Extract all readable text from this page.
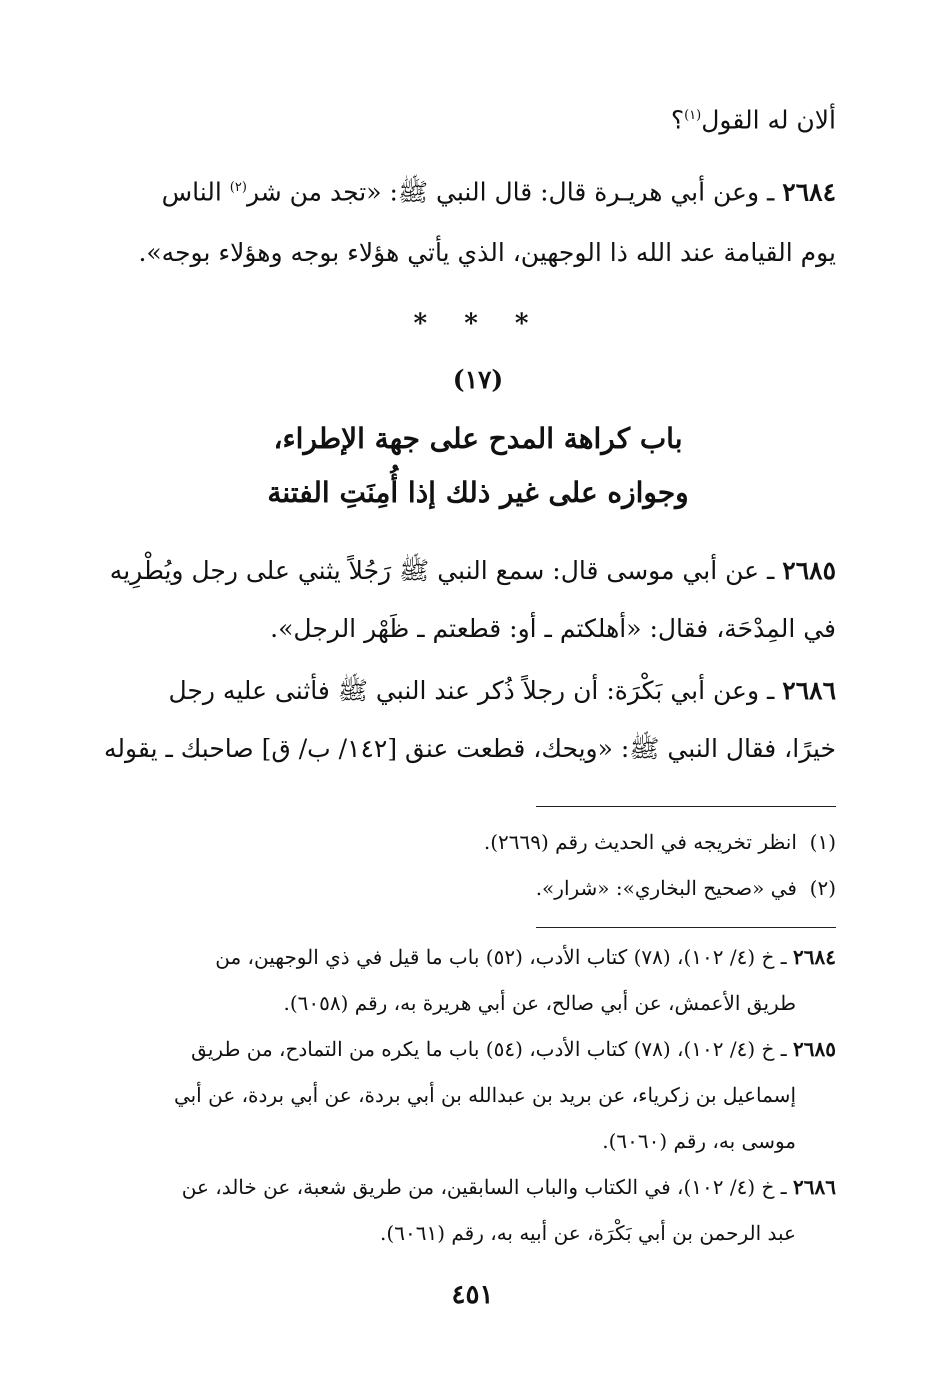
ألان له القول$^{(١)}$؟
٢٦٨٤ ـ وعن أبي هريـرة قال: قال النبي ﷺ: «تجد من شر$^{(٢)}$ الناس
يوم القيامة عند الله ذا الوجهين، الذي يأتي هؤلاء بوجه وهؤلاء بوجه».
* * *
(١٧)
باب كراهة المدح على جهة الإطراء،
وجوازه على غير ذلك إذا أُمِنَتِ الفتنة
٢٦٨٥ ـ عن أبي موسى قال: سمع النبي ﷺ رَجُلاً يثني على رجل ويُطْرِيه
في المِدْحَة، فقال: «أهلكتم ـ أو: قطعتم ـ ظَهْر الرجل».
٢٦٨٦ ـ وعن أبي بَكْرَة: أن رجلاً ذُكر عند النبي ﷺ فأثنى عليه رجل
خيرًا، فقال النبي ﷺ: «ويحك، قطعت عنق [١٤٢/ ب/ ق] صاحبك ـ يقوله
(١)  انظر تخريجه في الحديث رقم (٢٦٦٩).
(٢)  في «صحيح البخاري»: «شرار».
٢٦٨٤ ـ خ (٤/ ١٠٢)، (٧٨) كتاب الأدب، (٥٢) باب ما قيل في ذي الوجهين، من
طريق الأعمش، عن أبي صالح، عن أبي هريرة به، رقم (٦٠٥٨).
٢٦٨٥ ـ خ (٤/ ١٠٢)، (٧٨) كتاب الأدب، (٥٤) باب ما يكره من التمادح، من طريق
إسماعيل بن زكرياء، عن بريد بن عبدالله بن أبي بردة، عن أبي بردة، عن أبي
موسى به، رقم (٦٠٦٠).
٢٦٨٦ ـ خ (٤/ ١٠٢)، في الكتاب والباب السابقين، من طريق شعبة، عن خالد، عن
عبد الرحمن بن أبي بَكْرَة، عن أبيه به، رقم (٦٠٦١).
٤٥١
